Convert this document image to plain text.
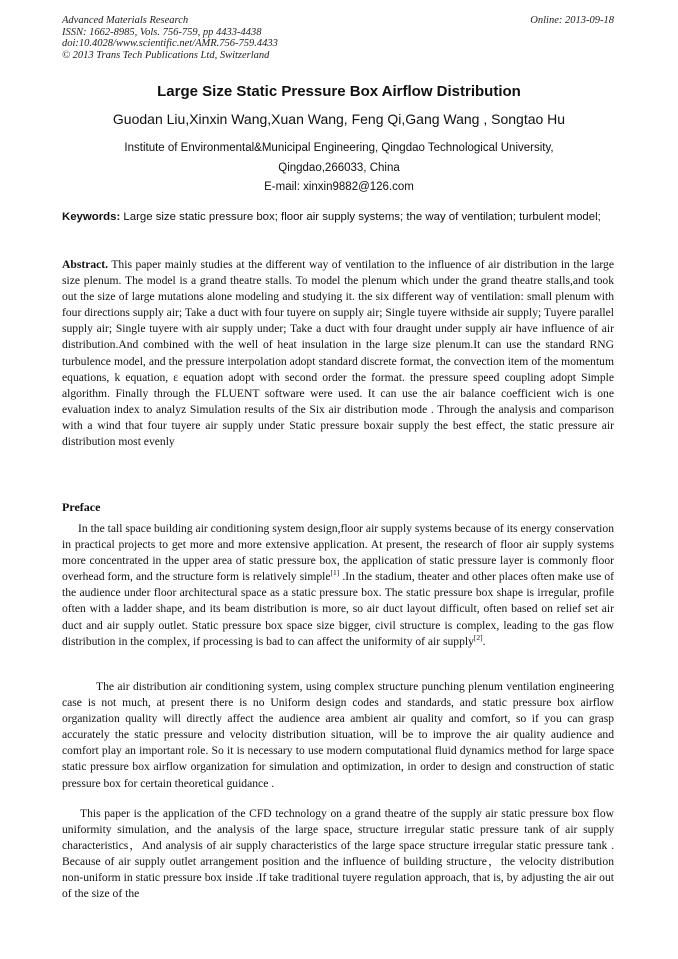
Advanced Materials Research
ISSN: 1662-8985, Vols. 756-759, pp 4433-4438
doi:10.4028/www.scientific.net/AMR.756-759.4433
© 2013 Trans Tech Publications Ltd, Switzerland
Online: 2013-09-18
Large Size Static Pressure Box Airflow Distribution
Guodan Liu,Xinxin Wang,Xuan Wang, Feng Qi,Gang Wang , Songtao Hu
Institute of Environmental&Municipal Engineering, Qingdao Technological University,
Qingdao,266033, China
E-mail: xinxin9882@126.com
Keywords: Large size static pressure box; floor air supply systems; the way of ventilation; turbulent model;
Abstract. This paper mainly studies at the different way of ventilation to the influence of air distribution in the large size plenum. The model is a grand theatre stalls. To model the plenum which under the grand theatre stalls,and took out the size of large mutations alone modeling and studying it. the six different way of ventilation: small plenum with four directions supply air; Take a duct with four tuyere on supply air; Single tuyere withside air supply; Tuyere parallel supply air; Single tuyere with air supply under; Take a duct with four draught under supply air have influence of air distribution.And combined with the well of heat insulation in the large size plenum.It can use the standard RNG turbulence model, and the pressure interpolation adopt standard discrete format, the convection item of the momentum equations, k equation, ε equation adopt with second order the format. the pressure speed coupling adopt Simple algorithm. Finally through the FLUENT software were used. It can use the air balance coefficient wich is one evaluation index to analyz Simulation results of the Six air distribution mode . Through the analysis and comparison with a wind that four tuyere air supply under Static pressure boxair supply the best effect, the static pressure air distribution most evenly
Preface
In the tall space building air conditioning system design,floor air supply systems because of its energy conservation in practical projects to get more and more extensive application. At present, the research of floor air supply systems more concentrated in the upper area of static pressure box, the application of static pressure layer is commonly floor overhead form, and the structure form is relatively simple[1] .In the stadium, theater and other places often make use of the audience under floor architectural space as a static pressure box. The static pressure box shape is irregular, profile often with a ladder shape, and its beam distribution is more, so air duct layout difficult, often based on relief set air duct and air supply outlet. Static pressure box space size bigger, civil structure is complex, leading to the gas flow distribution in the complex, if processing is bad to can affect the uniformity of air supply[2].
The air distribution air conditioning system, using complex structure punching plenum ventilation engineering case is not much, at present there is no Uniform design codes and standards, and static pressure box airflow organization quality will directly affect the audience area ambient air quality and comfort, so if you can grasp accurately the static pressure and velocity distribution situation, will be to improve the air quality audience and comfort play an important role. So it is necessary to use modern computational fluid dynamics method for large space static pressure box airflow organization for simulation and optimization, in order to design and construction of static pressure box for certain theoretical guidance .
This paper is the application of the CFD technology on a grand theatre of the supply air static pressure box flow uniformity simulation, and the analysis of the large space, structure irregular static pressure tank of air supply characteristics，And analysis of air supply characteristics of the large space structure irregular static pressure tank . Because of air supply outlet arrangement position and the influence of building structure，the velocity distribution non-uniform in static pressure box inside .If take traditional tuyere regulation approach, that is, by adjusting the air out of the size of the
